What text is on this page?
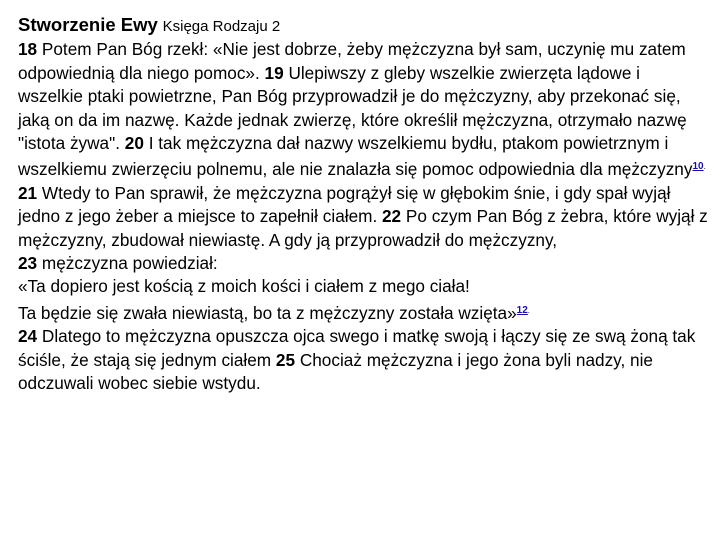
Stworzenie Ewy Księga Rodzaju 2
18 Potem Pan Bóg rzekł: «Nie jest dobrze, żeby mężczyzna był sam, uczynię mu zatem odpowiednią dla niego pomoc». 19 Ulepiwszy z gleby wszelkie zwierzęta lądowe i wszelkie ptaki powietrzne, Pan Bóg przyprowadził je do mężczyzny, aby przekonać się, jaką on da im nazwę. Każde jednak zwierzę, które określił mężczyzna, otrzymało nazwę "istota żywa". 20 I tak mężczyzna dał nazwy wszelkiemu bydłu, ptakom powietrznym i wszelkiemu zwierzęciu polnemu, ale nie znalazła się pomoc odpowiednia dla mężczyzny$^{10.}$
21 Wtedy to Pan sprawił, że mężczyzna pogrążył się w głębokim śnie, i gdy spał wyjął jedno z jego żeber a miejsce to zapełnił ciałem. 22 Po czym Pan Bóg z żebra, które wyjął z mężczyzny, zbudował niewiastę. A gdy ją przyprowadził do mężczyzny,
23 mężczyzna powiedział:
«Ta dopiero jest kością z moich kości i ciałem z mego ciała!
Ta będzie się zwała niewiastą, bo ta z mężczyzny została wzięta»$^{12.}$
24 Dlatego to mężczyzna opuszcza ojca swego i matkę swoją i łączy się ze swą żoną tak ściśle, że stają się jednym ciałem 25 Chociaż mężczyzna i jego żona byli nadzy, nie odczuwali wobec siebie wstydu.
